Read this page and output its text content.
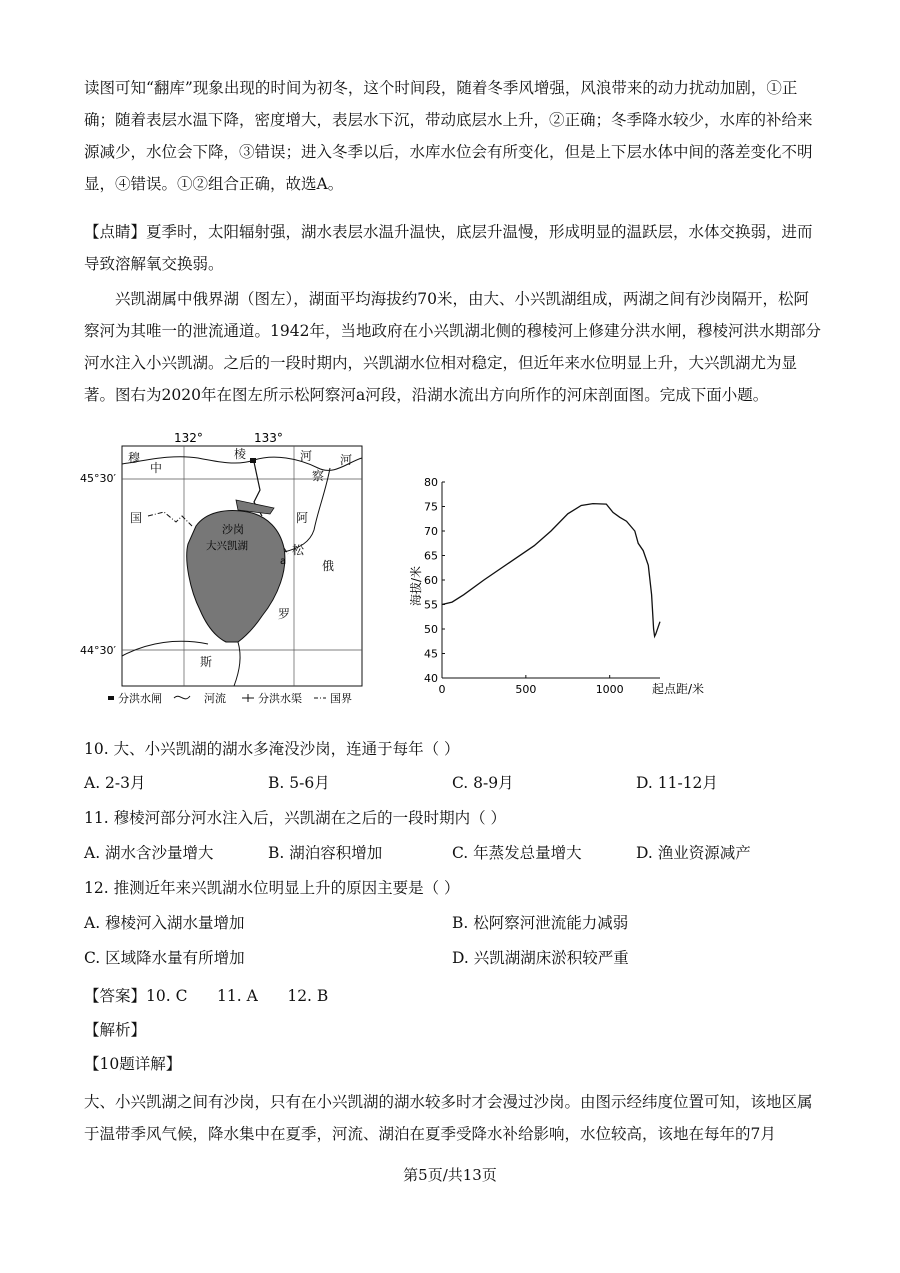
读图可知“翻库”现象出现的时间为初冬，这个时间段，随着冬季风增强，风浪带来的动力扰动加剧，①正确；随着表层水温下降，密度增大，表层水下沉，带动底层水上升，②正确；冬季降水较少，水库的补给来源减少，水位会下降，③错误；进入冬季以后，水库水位会有所变化，但是上下层水体中间的落差变化不明显，④错误。①②组合正确，故选A。

【点睛】夏季时，太阳辐射强，湖水表层水温升温快，底层升温慢，形成明显的温跃层，水体交换弱，进而导致溶解氧交换弱。

兴凯湖属中俄界湖（图左），湖面平均海拔约70米，由大、小兴凯湖组成，两湖之间有沙岗隔开，松阿察河为其唯一的泄流通道。1942年，当地政府在小兴凯湖北侧的穆棱河上修建分洪水闸，穆棱河洪水期部分河水注入小兴凯湖。之后的一段时期内，兴凯湖水位相对稳定，但近年来水位明显上升，大兴凯湖尤为显著。图右为2020年在图左所示松阿察河a河段，沿湖水流出方向所作的河床剖面图。完成下面小题。

132°	133°
45°30′
44°30′
穆
中
棱	河
察
河
国	阿
松
俄
罗
斯
沙岗
大兴凯湖
a
分洪水闸	河流	分洪水渠	国界
40
45
50
55
60
65
70
75
80
0	500	1000
海拔/米
起点距/米

10. 大、小兴凯湖的湖水多淹没沙岗，连通于每年（ ）

A. 2-3月	B. 5-6月	C. 8-9月	D. 11-12月

11. 穆棱河部分河水注入后，兴凯湖在之后的一段时期内（ ）

A. 湖水含沙量增大	B. 湖泊容积增加	C. 年蒸发总量增大	D. 渔业资源减产

12. 推测近年来兴凯湖水位明显上升的原因主要是（ ）

A. 穆棱河入湖水量增加	B. 松阿察河泄流能力减弱
C. 区域降水量有所增加	D. 兴凯湖湖床淤积较严重

【答案】10. C      11. A      12. B

【解析】

【10题详解】

大、小兴凯湖之间有沙岗，只有在小兴凯湖的湖水较多时才会漫过沙岗。由图示经纬度位置可知，该地区属于温带季风气候，降水集中在夏季，河流、湖泊在夏季受降水补给影响，水位较高，该地在每年的7月

第5页/共13页
